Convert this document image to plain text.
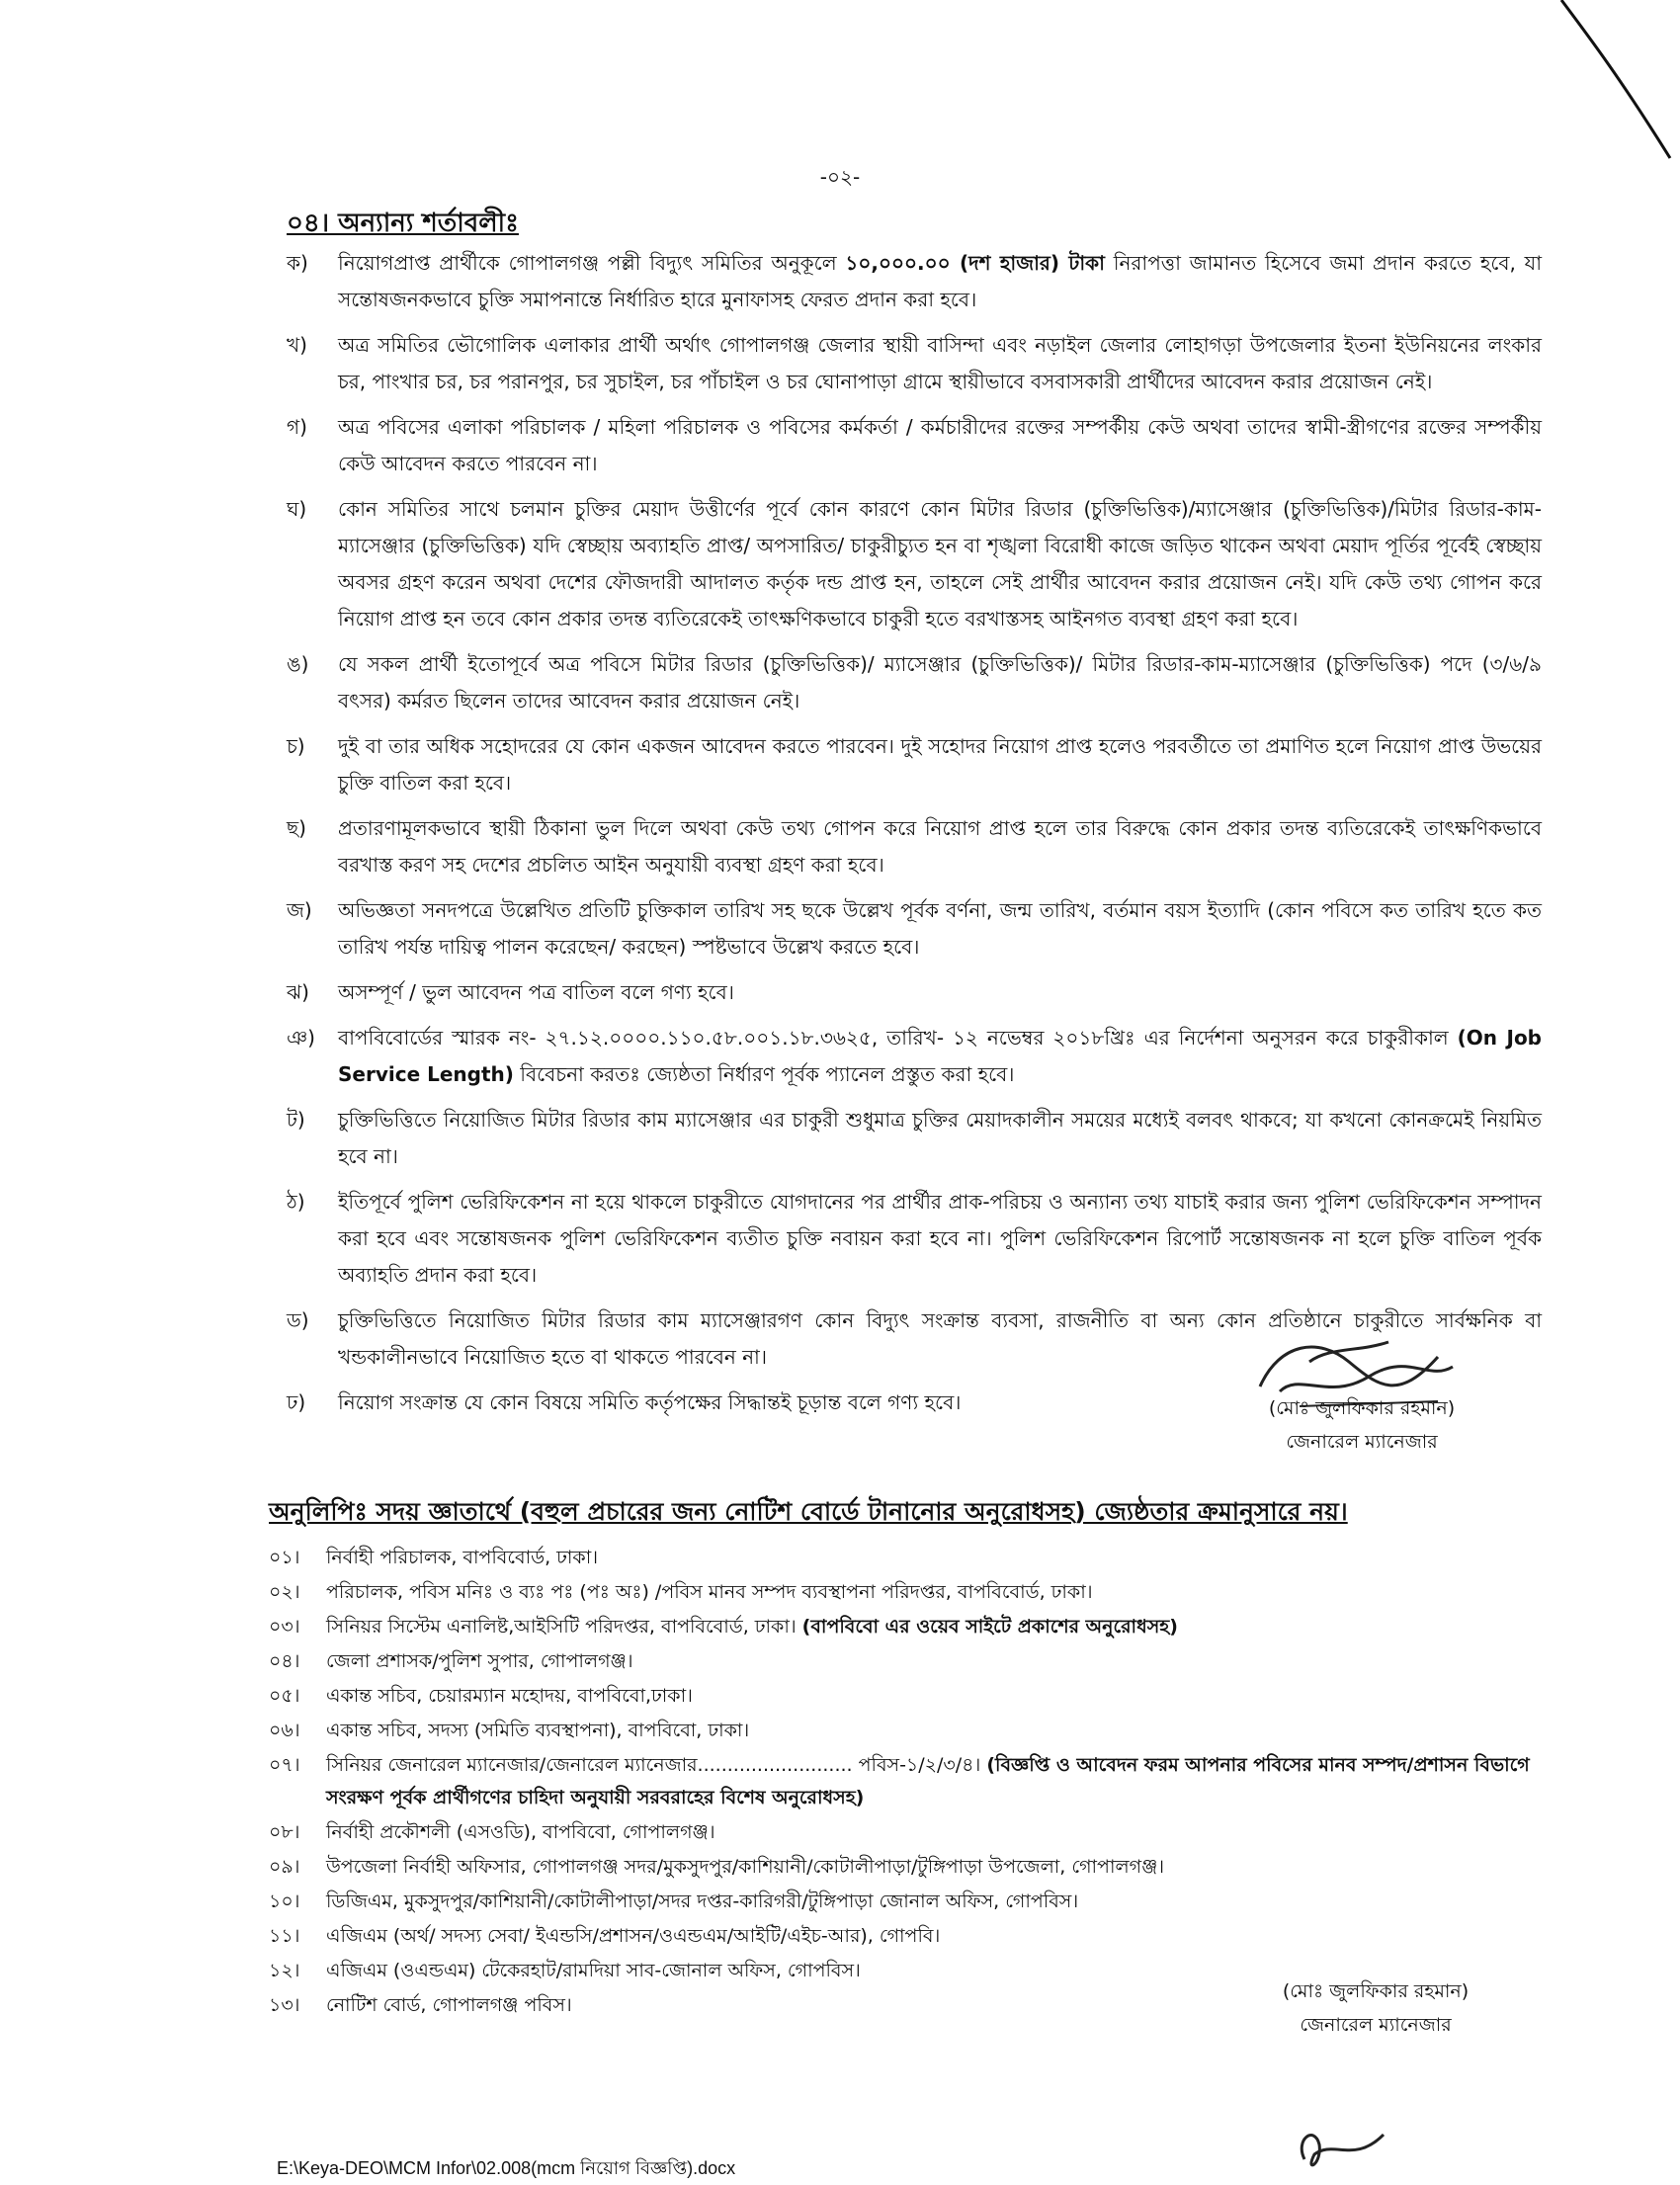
-০২-
০৪। অন্যান্য শর্তাবলীঃ
ক)	নিয়োগপ্রাপ্ত প্রার্থীকে গোপালগঞ্জ পল্লী বিদ্যুৎ সমিতির অনুকূলে ১০,০০০.০০ (দশ হাজার) টাকা নিরাপত্তা জামানত হিসেবে জমা প্রদান করতে হবে, যা সন্তোষজনকভাবে চুক্তি সমাপনান্তে নির্ধারিত হারে মুনাফাসহ ফেরত প্রদান করা হবে।
খ)	অত্র সমিতির ভৌগোলিক এলাকার প্রার্থী অর্থাৎ গোপালগঞ্জ জেলার স্থায়ী বাসিন্দা এবং নড়াইল জেলার লোহাগড়া উপজেলার ইতনা ইউনিয়নের লংকার চর, পাংখার চর, চর পরানপুর, চর সুচাইল, চর পাঁচাইল ও চর ঘোনাপাড়া গ্রামে স্থায়ীভাবে বসবাসকারী প্রার্থীদের আবেদন করার প্রয়োজন নেই।
গ)	অত্র পবিসের এলাকা পরিচালক / মহিলা পরিচালক ও পবিসের কর্মকর্তা / কর্মচারীদের রক্তের সম্পর্কীয় কেউ অথবা তাদের স্বামী-স্ত্রীগণের রক্তের সম্পর্কীয় কেউ আবেদন করতে পারবেন না।
ঘ)	কোন সমিতির সাথে চলমান চুক্তির মেয়াদ উত্তীর্ণের পূর্বে কোন কারণে কোন মিটার রিডার (চুক্তিভিত্তিক)/ম্যাসেঞ্জার (চুক্তিভিত্তিক)/মিটার রিডার-কাম-ম্যাসেঞ্জার (চুক্তিভিত্তিক) যদি স্বেচ্ছায় অব্যাহতি প্রাপ্ত/ অপসারিত/ চাকুরীচ্যুত হন বা শৃঙ্খলা বিরোধী কাজে জড়িত থাকেন অথবা মেয়াদ পূর্তির পূর্বেই স্বেচ্ছায় অবসর গ্রহণ করেন অথবা দেশের ফৌজদারী আদালত কর্তৃক দন্ড প্রাপ্ত হন, তাহলে সেই প্রার্থীর আবেদন করার প্রয়োজন নেই। যদি কেউ তথ্য গোপন করে নিয়োগ প্রাপ্ত হন তবে কোন প্রকার তদন্ত ব্যতিরেকেই তাৎক্ষণিকভাবে চাকুরী হতে বরখাস্তসহ আইনগত ব্যবস্থা গ্রহণ করা হবে।
ঙ)	যে সকল প্রার্থী ইতোপূর্বে অত্র পবিসে মিটার রিডার (চুক্তিভিত্তিক)/ ম্যাসেঞ্জার (চুক্তিভিত্তিক)/ মিটার রিডার-কাম-ম্যাসেঞ্জার (চুক্তিভিত্তিক) পদে (৩/৬/৯ বৎসর) কর্মরত ছিলেন তাদের আবেদন করার প্রয়োজন নেই।
চ)	দুই বা তার অধিক সহোদরের যে কোন একজন আবেদন করতে পারবেন। দুই সহোদর নিয়োগ প্রাপ্ত হলেও পরবর্তীতে তা প্রমাণিত হলে নিয়োগ প্রাপ্ত উভয়ের চুক্তি বাতিল করা হবে।
ছ)	প্রতারণামূলকভাবে স্থায়ী ঠিকানা ভুল দিলে অথবা কেউ তথ্য গোপন করে নিয়োগ প্রাপ্ত হলে তার বিরুদ্ধে কোন প্রকার তদন্ত ব্যতিরেকেই তাৎক্ষণিকভাবে বরখাস্ত করণ সহ দেশের প্রচলিত আইন অনুযায়ী ব্যবস্থা গ্রহণ করা হবে।
জ)	অভিজ্ঞতা সনদপত্রে উল্লেখিত প্রতিটি চুক্তিকাল তারিখ সহ ছকে উল্লেখ পূর্বক বর্ণনা, জন্ম তারিখ, বর্তমান বয়স ইত্যাদি (কোন পবিসে কত তারিখ হতে কত তারিখ পর্যন্ত দায়িত্ব পালন করেছেন/ করছেন) স্পষ্টভাবে উল্লেখ করতে হবে।
ঝ)	অসম্পূর্ণ / ভুল আবেদন পত্র বাতিল বলে গণ্য হবে।
ঞ)	বাপবিবোর্ডের স্মারক নং- ২৭.১২.০০০০.১১০.৫৮.০০১.১৮.৩৬২৫, তারিখ- ১২ নভেম্বর ২০১৮খ্রিঃ এর নির্দেশনা অনুসরন করে চাকুরীকাল (On Job Service Length) বিবেচনা করতঃ জ্যেষ্ঠতা নির্ধারণ পূর্বক প্যানেল প্রস্তুত করা হবে।
ট)	চুক্তিভিত্তিতে নিয়োজিত মিটার রিডার কাম ম্যাসেঞ্জার এর চাকুরী শুধুমাত্র চুক্তির মেয়াদকালীন সময়ের মধ্যেই বলবৎ থাকবে; যা কখনো কোনক্রমেই নিয়মিত হবে না।
ঠ)	ইতিপূর্বে পুলিশ ভেরিফিকেশন না হয়ে থাকলে চাকুরীতে যোগদানের পর প্রার্থীর প্রাক-পরিচয় ও অন্যান্য তথ্য যাচাই করার জন্য পুলিশ ভেরিফিকেশন সম্পাদন করা হবে এবং সন্তোষজনক পুলিশ ভেরিফিকেশন ব্যতীত চুক্তি নবায়ন করা হবে না। পুলিশ ভেরিফিকেশন রিপোর্ট সন্তোষজনক না হলে চুক্তি বাতিল পূর্বক অব্যাহতি প্রদান করা হবে।
ড)	চুক্তিভিত্তিতে নিয়োজিত মিটার রিডার কাম ম্যাসেঞ্জারগণ কোন বিদ্যুৎ সংক্রান্ত ব্যবসা, রাজনীতি বা অন্য কোন প্রতিষ্ঠানে চাকুরীতে সার্বক্ষনিক বা খন্ডকালীনভাবে নিয়োজিত হতে বা থাকতে পারবেন না।
ঢ)	নিয়োগ সংক্রান্ত যে কোন বিষয়ে সমিতি কর্তৃপক্ষের সিদ্ধান্তই চূড়ান্ত বলে গণ্য হবে।	(মোঃ জুলফিকার রহমান)
জেনারেল ম্যানেজার
অনুলিপিঃ সদয় জ্ঞাতার্থে (বহুল প্রচারের জন্য নোটিশ বোর্ডে টানানোর অনুরোধসহ) জ্যেষ্ঠতার ক্রমানুসারে নয়।
০১। নির্বাহী পরিচালক, বাপবিবোর্ড, ঢাকা।
০২। পরিচালক, পবিস মনিঃ ও ব্যঃ পঃ (পঃ অঃ) /পবিস মানব সম্পদ ব্যবস্থাপনা পরিদপ্তর, বাপবিবোর্ড, ঢাকা।
০৩। সিনিয়র সিস্টেম এনালিষ্ট,আইসিটি পরিদপ্তর, বাপবিবোর্ড, ঢাকা। (বাপবিবো এর ওয়েব সাইটে প্রকাশের অনুরোধসহ)
০৪। জেলা প্রশাসক/পুলিশ সুপার, গোপালগঞ্জ।
০৫। একান্ত সচিব, চেয়ারম্যান মহোদয়, বাপবিবো,ঢাকা।
০৬। একান্ত সচিব, সদস্য (সমিতি ব্যবস্থাপনা), বাপবিবো, ঢাকা।
০৭। সিনিয়র জেনারেল ম্যানেজার/জেনারেল ম্যানেজার.......................... পবিস-১/২/৩/৪। (বিজ্ঞপ্তি ও আবেদন ফরম আপনার পবিসের মানব সম্পদ/প্রশাসন বিভাগে সংরক্ষণ পূর্বক প্রার্থীগণের চাহিদা অনুযায়ী সরবরাহের বিশেষ অনুরোধসহ)
০৮। নির্বাহী প্রকৌশলী (এসওডি), বাপবিবো, গোপালগঞ্জ।
০৯। উপজেলা নির্বাহী অফিসার, গোপালগঞ্জ সদর/মুকসুদপুর/কাশিয়ানী/কোটালীপাড়া/টুঙ্গিপাড়া উপজেলা, গোপালগঞ্জ।
১০। ডিজিএম, মুকসুদপুর/কাশিয়ানী/কোটালীপাড়া/সদর দপ্তর-কারিগরী/টুঙ্গিপাড়া জোনাল অফিস, গোপবিস।
১১। এজিএম (অর্থ/ সদস্য সেবা/ ইএন্ডসি/প্রশাসন/ওএন্ডএম/আইটি/এইচ-আর), গোপবি।
১২। এজিএম (ওএন্ডএম) টেকেরহাট/রামদিয়া সাব-জোনাল অফিস, গোপবিস।
১৩। নোটিশ বোর্ড, গোপালগঞ্জ পবিস।
(মোঃ জুলফিকার রহমান)
জেনারেল ম্যানেজার
E:\Keya-DEO\MCM Infor\02.008(mcm নিয়োগ বিজ্ঞপ্তি).docx
